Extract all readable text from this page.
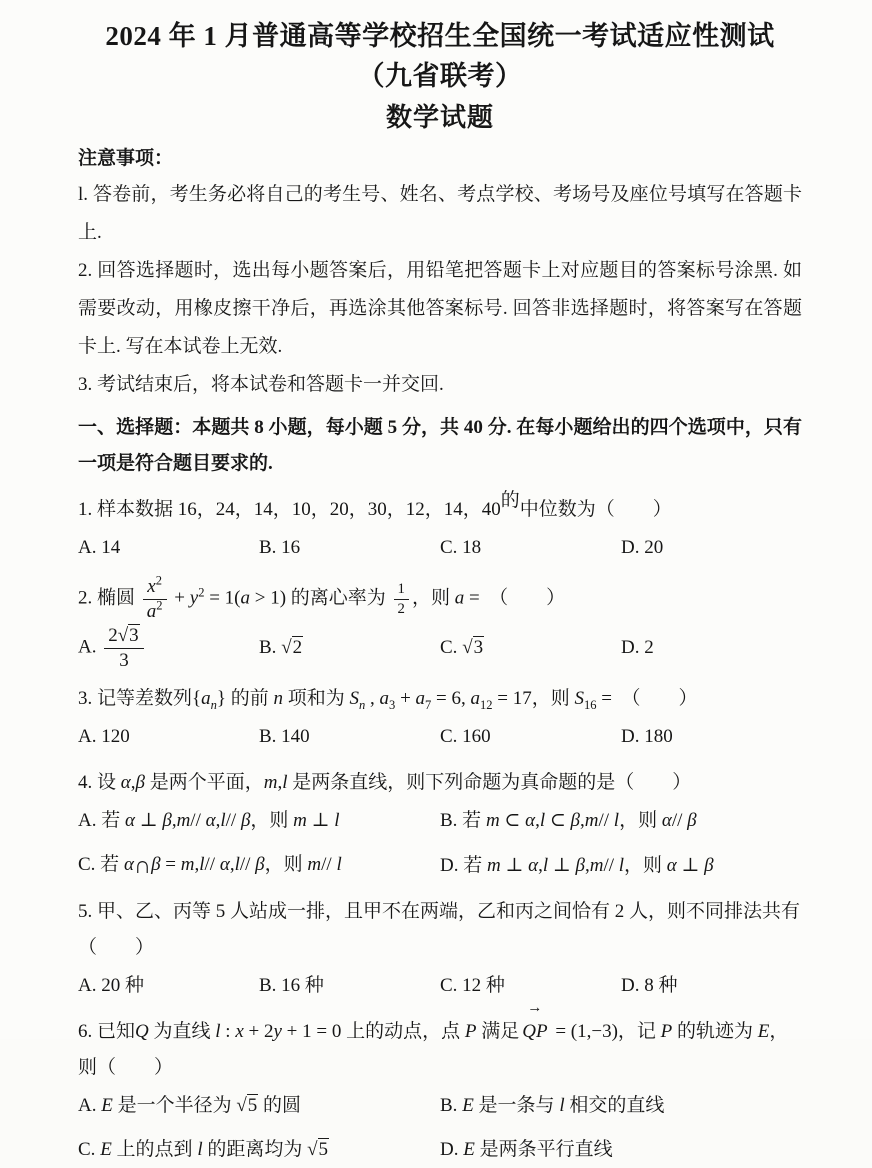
2024 年 1 月普通高等学校招生全国统一考试适应性测试（九省联考）
数学试题
注意事项：

l. 答卷前，考生务必将自己的考生号、姓名、考点学校、考场号及座位号填写在答题卡上.

2. 回答选择题时，选出每小题答案后，用铅笔把答题卡上对应题目的答案标号涂黑. 如需要改动，用橡皮擦干净后，再选涂其他答案标号. 回答非选择题时，将答案写在答题卡上. 写在本试卷上无效.

3. 考试结束后，将本试卷和答题卡一并交回.

一、选择题：本题共 8 小题，每小题 5 分，共 40 分. 在每小题给出的四个选项中，只有一项是符合题目要求的.

1. 样本数据 16，24，14，10，20，30，12，14，40的中位数为（　　）

A. 14	B. 16	C. 18	D. 20

2. 椭圆 $\frac{x^2}{a^2} + y^2 = 1(a > 1)$ 的离心率为 $\frac{1}{2}$ ，则 a =　（　　）

A. $\frac{2√3}{3}$	B. √2	C. √3	D. 2

3. 记等差数列$\{a_n\}$ 的前 n 项和为 $S_n$ , $a_3 + a_7 = 6$, $a_{12} = 17$，则 $S_{16}$ =　（　　）

A. 120	B. 140	C. 160	D. 180

4. 设 α,β 是两个平面，m,l 是两条直线，则下列命题为真命题的是（　　）

A. 若 α ⊥ β,m// α,l// β，则 m ⊥ l	B. 若 m ⊂ α,l ⊂ β,m// l，则 α// β
C. 若 α∩β = m,l// α,l// β，则 m// l	D. 若 m ⊥ α,l ⊥ β,m// l，则 α ⊥ β

5. 甲、乙、丙等 5 人站成一排，且甲不在两端，乙和丙之间恰有 2 人，则不同排法共有（　　）

A. 20 种	B. 16 种	C. 12 种	D. 8 种

6. 已知Q 为直线 l : x + 2y + 1 = 0 上的动点，点 P 满足 → QP = (1,−3)，记 P 的轨迹为 E，则（　　）

A. E 是一个半径为 √5 的圆	B. E 是一条与 l 相交的直线
C. E 上的点到 l 的距离均为 √5	D. E 是两条平行直线
